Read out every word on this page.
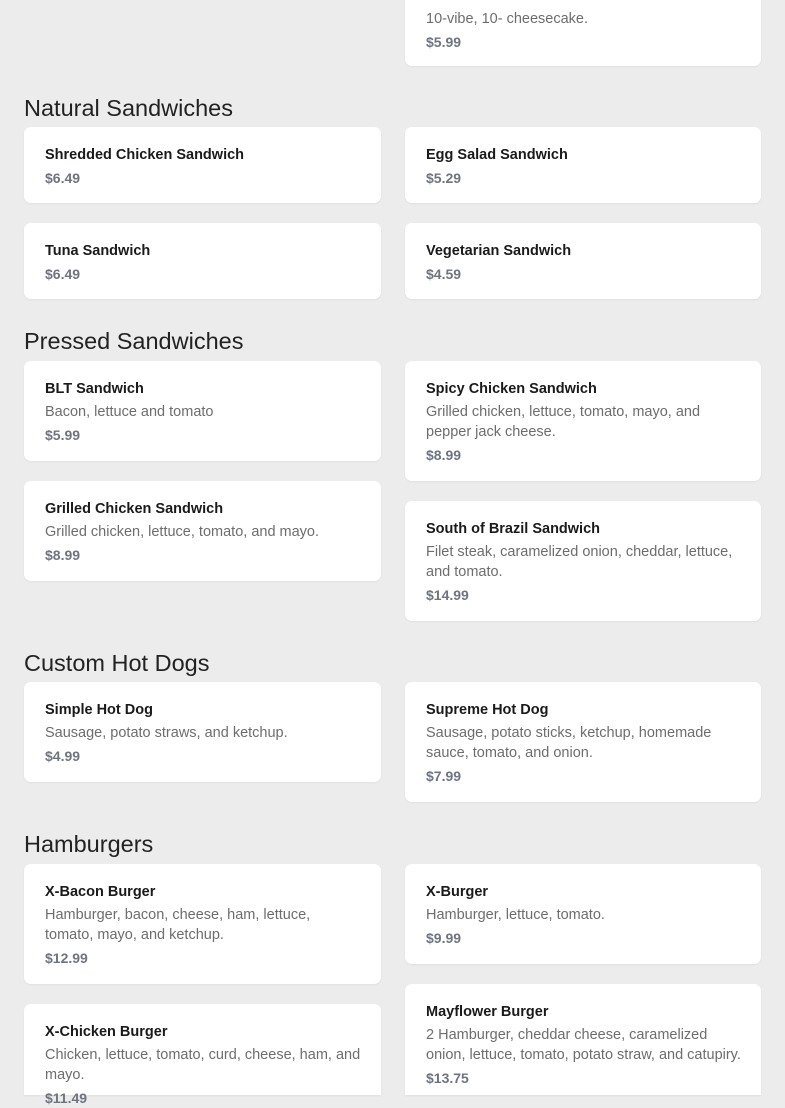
10-vibe, 10- cheesecake.
$5.99
Natural Sandwiches
Shredded Chicken Sandwich
$6.49
Egg Salad Sandwich
$5.29
Tuna Sandwich
$6.49
Vegetarian Sandwich
$4.59
Pressed Sandwiches
BLT Sandwich
Bacon, lettuce and tomato
$5.99
Spicy Chicken Sandwich
Grilled chicken, lettuce, tomato, mayo, and pepper jack cheese.
$8.99
Grilled Chicken Sandwich
Grilled chicken, lettuce, tomato, and mayo.
$8.99
South of Brazil Sandwich
Filet steak, caramelized onion, cheddar, lettuce, and tomato.
$14.99
Custom Hot Dogs
Simple Hot Dog
Sausage, potato straws, and ketchup.
$4.99
Supreme Hot Dog
Sausage, potato sticks, ketchup, homemade sauce, tomato, and onion.
$7.99
Hamburgers
X-Bacon Burger
Hamburger, bacon, cheese, ham, lettuce, tomato, mayo, and ketchup.
$12.99
X-Burger
Hamburger, lettuce, tomato.
$9.99
X-Chicken Burger
Chicken, lettuce, tomato, curd, cheese, ham, and mayo.
$11.49
Mayflower Burger
2 Hamburger, cheddar cheese, caramelized onion, lettuce, tomato, potato straw, and catupiry.
$13.75
